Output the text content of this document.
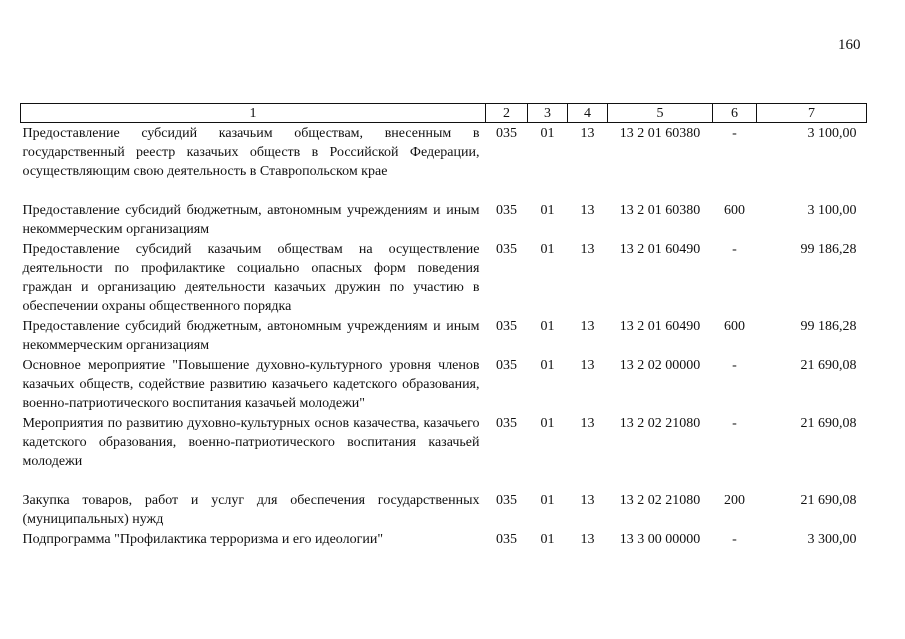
160
1	2	3	4	5	6	7
Предоставление субсидий казачьим обществам, внесенным в государственный реестр казачьих обществ в Российской Федерации, осуществляющим свою деятельность в Ставропольском крае	035	01	13	13 2 01 60380	-	3 100,00
Предоставление субсидий бюджетным, автономным учреждениям и иным некоммерческим организациям	035	01	13	13 2 01 60380	600	3 100,00
Предоставление субсидий казачьим обществам на осуществление деятельности по профилактике социально опасных форм поведения граждан и организацию деятельности казачьих дружин по участию в обеспечении охраны общественного порядка	035	01	13	13 2 01 60490	-	99 186,28
Предоставление субсидий бюджетным, автономным учреждениям и иным некоммерческим организациям	035	01	13	13 2 01 60490	600	99 186,28
Основное мероприятие "Повышение духовно-культурного уровня членов казачьих обществ, содействие развитию казачьего кадетского образования, военно-патриотического воспитания казачьей молодежи"	035	01	13	13 2 02 00000	-	21 690,08
Мероприятия по развитию духовно-культурных основ казачества, казачьего кадетского образования, военно-патриотического воспитания казачьей молодежи	035	01	13	13 2 02 21080	-	21 690,08
Закупка товаров, работ и услуг для обеспечения государственных (муниципальных) нужд	035	01	13	13 2 02 21080	200	21 690,08
Подпрограмма "Профилактика терроризма и его идеологии"	035	01	13	13 3 00 00000	-	3 300,00
